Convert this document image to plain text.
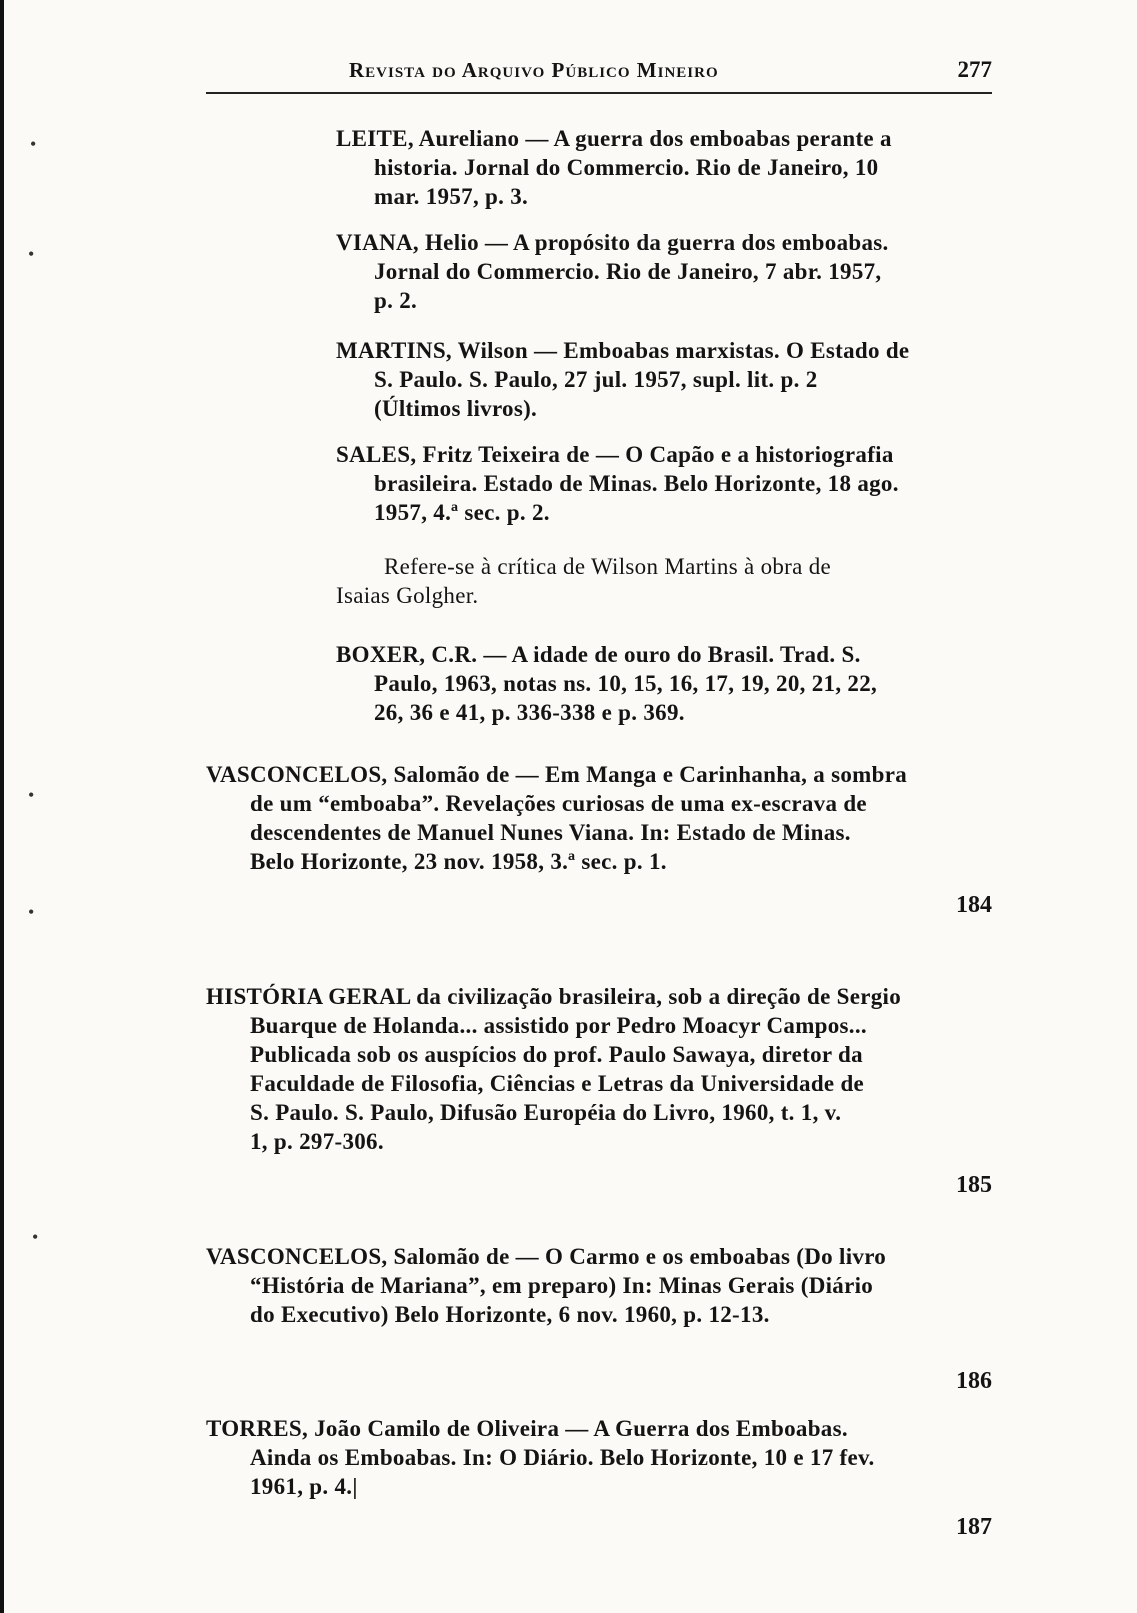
Revista do Arquivo Público Mineiro	277
•
•
•
•
•
LEITE, Aureliano — A guerra dos emboabas perante a
historia. Jornal do Commercio. Rio de Janeiro, 10
mar. 1957, p. 3.
VIANA, Helio — A propósito da guerra dos emboabas.
Jornal do Commercio. Rio de Janeiro, 7 abr. 1957,
p. 2.
MARTINS, Wilson — Emboabas marxistas. O Estado de
S. Paulo. S. Paulo, 27 jul. 1957, supl. lit. p. 2
(Últimos livros).
SALES, Fritz Teixeira de — O Capão e a historiografia
brasileira. Estado de Minas. Belo Horizonte, 18 ago.
1957, 4.ª sec. p. 2.
Refere-se à crítica de Wilson Martins à obra de
Isaias Golgher.
BOXER, C.R. — A idade de ouro do Brasil. Trad. S.
Paulo, 1963, notas ns. 10, 15, 16, 17, 19, 20, 21, 22,
26, 36 e 41, p. 336-338 e p. 369.
VASCONCELOS, Salomão de — Em Manga e Carinhanha, a sombra
de um “emboaba”. Revelações curiosas de uma ex-escrava de
descendentes de Manuel Nunes Viana. In: Estado de Minas.
Belo Horizonte, 23 nov. 1958, 3.ª sec. p. 1.
184
HISTÓRIA GERAL da civilização brasileira, sob a direção de Sergio
Buarque de Holanda... assistido por Pedro Moacyr Campos...
Publicada sob os auspícios do prof. Paulo Sawaya, diretor da
Faculdade de Filosofia, Ciências e Letras da Universidade de
S. Paulo. S. Paulo, Difusão Européia do Livro, 1960, t. 1, v.
1, p. 297-306.
185
VASCONCELOS, Salomão de — O Carmo e os emboabas (Do livro
“História de Mariana”, em preparo) In: Minas Gerais (Diário
do Executivo) Belo Horizonte, 6 nov. 1960, p. 12-13.
186
TORRES, João Camilo de Oliveira — A Guerra dos Emboabas.
Ainda os Emboabas. In: O Diário. Belo Horizonte, 10 e 17 fev.
1961, p. 4.|
187
